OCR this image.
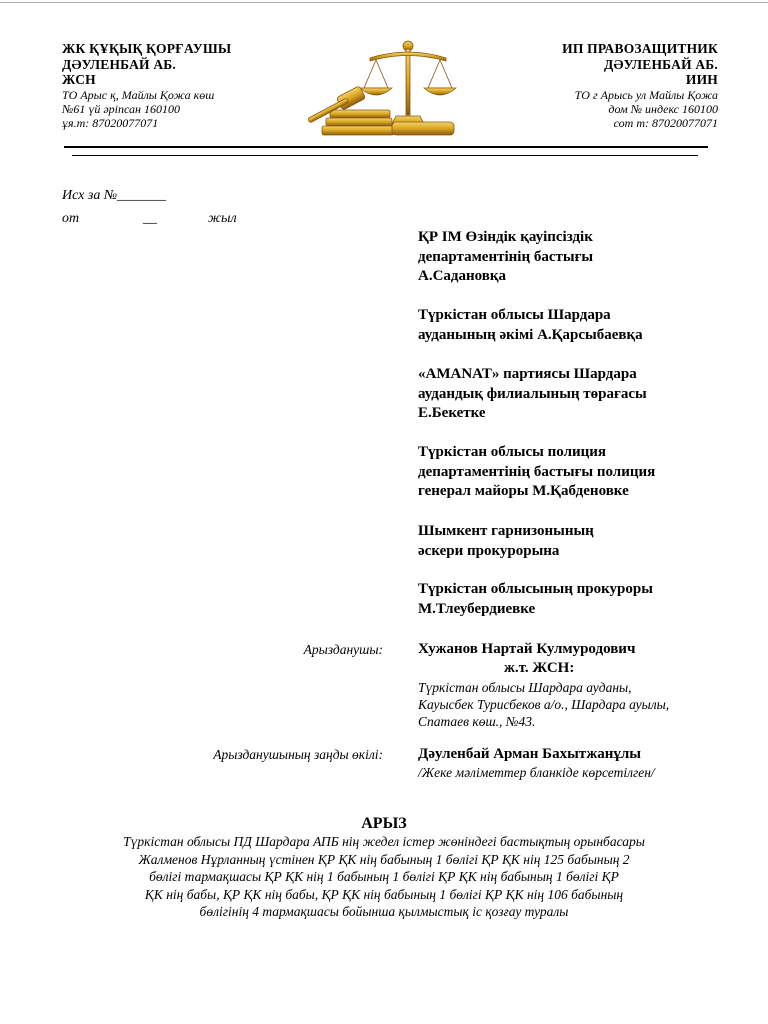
ЖК ҚҰҚЫҚ ҚОРҒАУШЫ
ДӘУЛЕНБАЙ АБ.
ЖСН
ТО Арыс қ, Майлы Қожа көш
№61 үй әріпсан 160100
ұя.т: 87020077071
ИП ПРАВОЗАЩИТНИК
ДӘУЛЕНБАЙ АБ.
ИИН
ТО г Арысь ул Майлы Қожа
дом № индекс 160100
сот т: 87020077071
Исх за №_______
от	__	жыл
ҚР ІМ Өзіндік қауіпсіздік
департаментінің бастығы
А.Садановқа
Түркістан облысы Шардара
ауданының әкімі А.Қарсыбаевқа
«AMANAT» партиясы Шардара
аудандық филиалының төрағасы
Е.Бекетке
Түркістан облысы полиция
департаментінің бастығы полиция
генерал майоры М.Қабденовке
Шымкент гарнизонының
әскери прокурорына
Түркістан облысының прокуроры
М.Тлеубердиевке
Арызданушы: Хужанов Нартай Кулмуродович
ж.т. ЖСН:
Түркістан облысы Шардара ауданы,
Кауысбек Турисбеков а/о., Шардара ауылы,
Спатаев көш., №43.
Арызданушының заңды өкілі: Дәуленбай Арман Бахытжанұлы
/Жеке мәліметтер бланкіде көрсетілген/
АРЫЗ
Түркістан облысы ПД Шардара АПБ нің жедел істер жөніндегі бастықтың орынбасары
Жалменов Нұрланның үстінен ҚР ҚК нің бабының 1 бөлігі ҚР ҚК нің 125 бабының 2
бөлігі тармақшасы ҚР ҚК нің 1 бабының 1 бөлігі ҚР ҚК нің бабының 1 бөлігі ҚР
ҚК нің бабы, ҚР ҚК нің бабы, ҚР ҚК нің бабының 1 бөлігі ҚР ҚК нің 106 бабының
бөлігінің 4 тармақшасы бойынша қылмыстық іс қозғау туралы
